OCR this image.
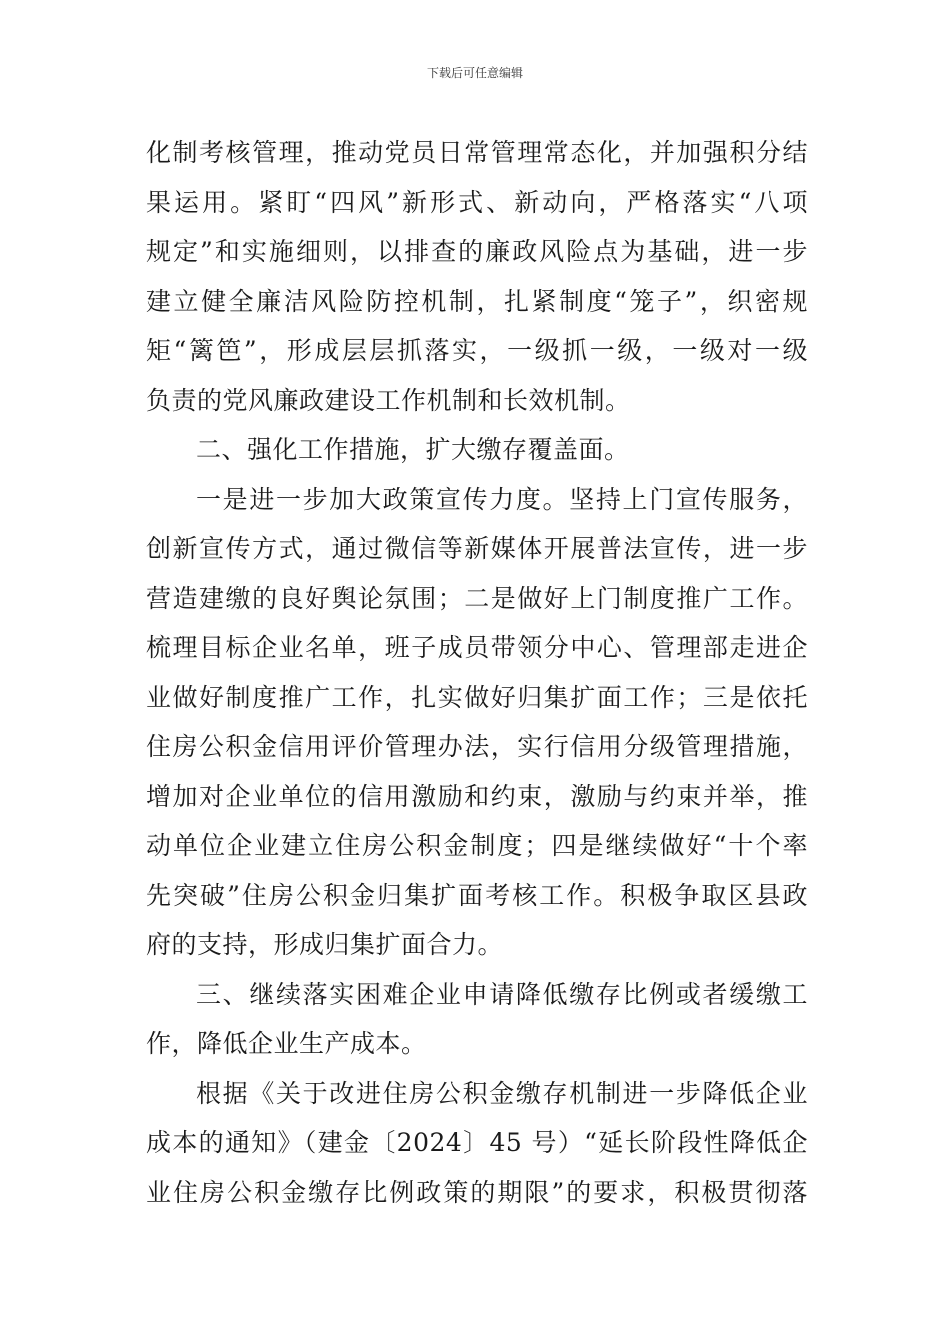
下载后可任意编辑
化制考核管理，推动党员日常管理常态化，并加强积分结
果运用。紧盯“四风”新形式、新动向，严格落实“八项
规定”和实施细则，以排查的廉政风险点为基础，进一步
建立健全廉洁风险防控机制，扎紧制度“笼子”，织密规
矩“篱笆”，形成层层抓落实，一级抓一级，一级对一级
负责的党风廉政建设工作机制和长效机制。
二、强化工作措施，扩大缴存覆盖面。
一是进一步加大政策宣传力度。坚持上门宣传服务，
创新宣传方式，通过微信等新媒体开展普法宣传，进一步
营造建缴的良好舆论氛围；二是做好上门制度推广工作。
梳理目标企业名单，班子成员带领分中心、管理部走进企
业做好制度推广工作，扎实做好归集扩面工作；三是依托
住房公积金信用评价管理办法，实行信用分级管理措施，
增加对企业单位的信用激励和约束，激励与约束并举，推
动单位企业建立住房公积金制度；四是继续做好“十个率
先突破”住房公积金归集扩面考核工作。积极争取区县政
府的支持，形成归集扩面合力。
三、继续落实困难企业申请降低缴存比例或者缓缴工
作，降低企业生产成本。
根据《关于改进住房公积金缴存机制进一步降低企业
成本的通知》（建金〔2024〕45 号）“延长阶段性降低企
业住房公积金缴存比例政策的期限”的要求，积极贯彻落
